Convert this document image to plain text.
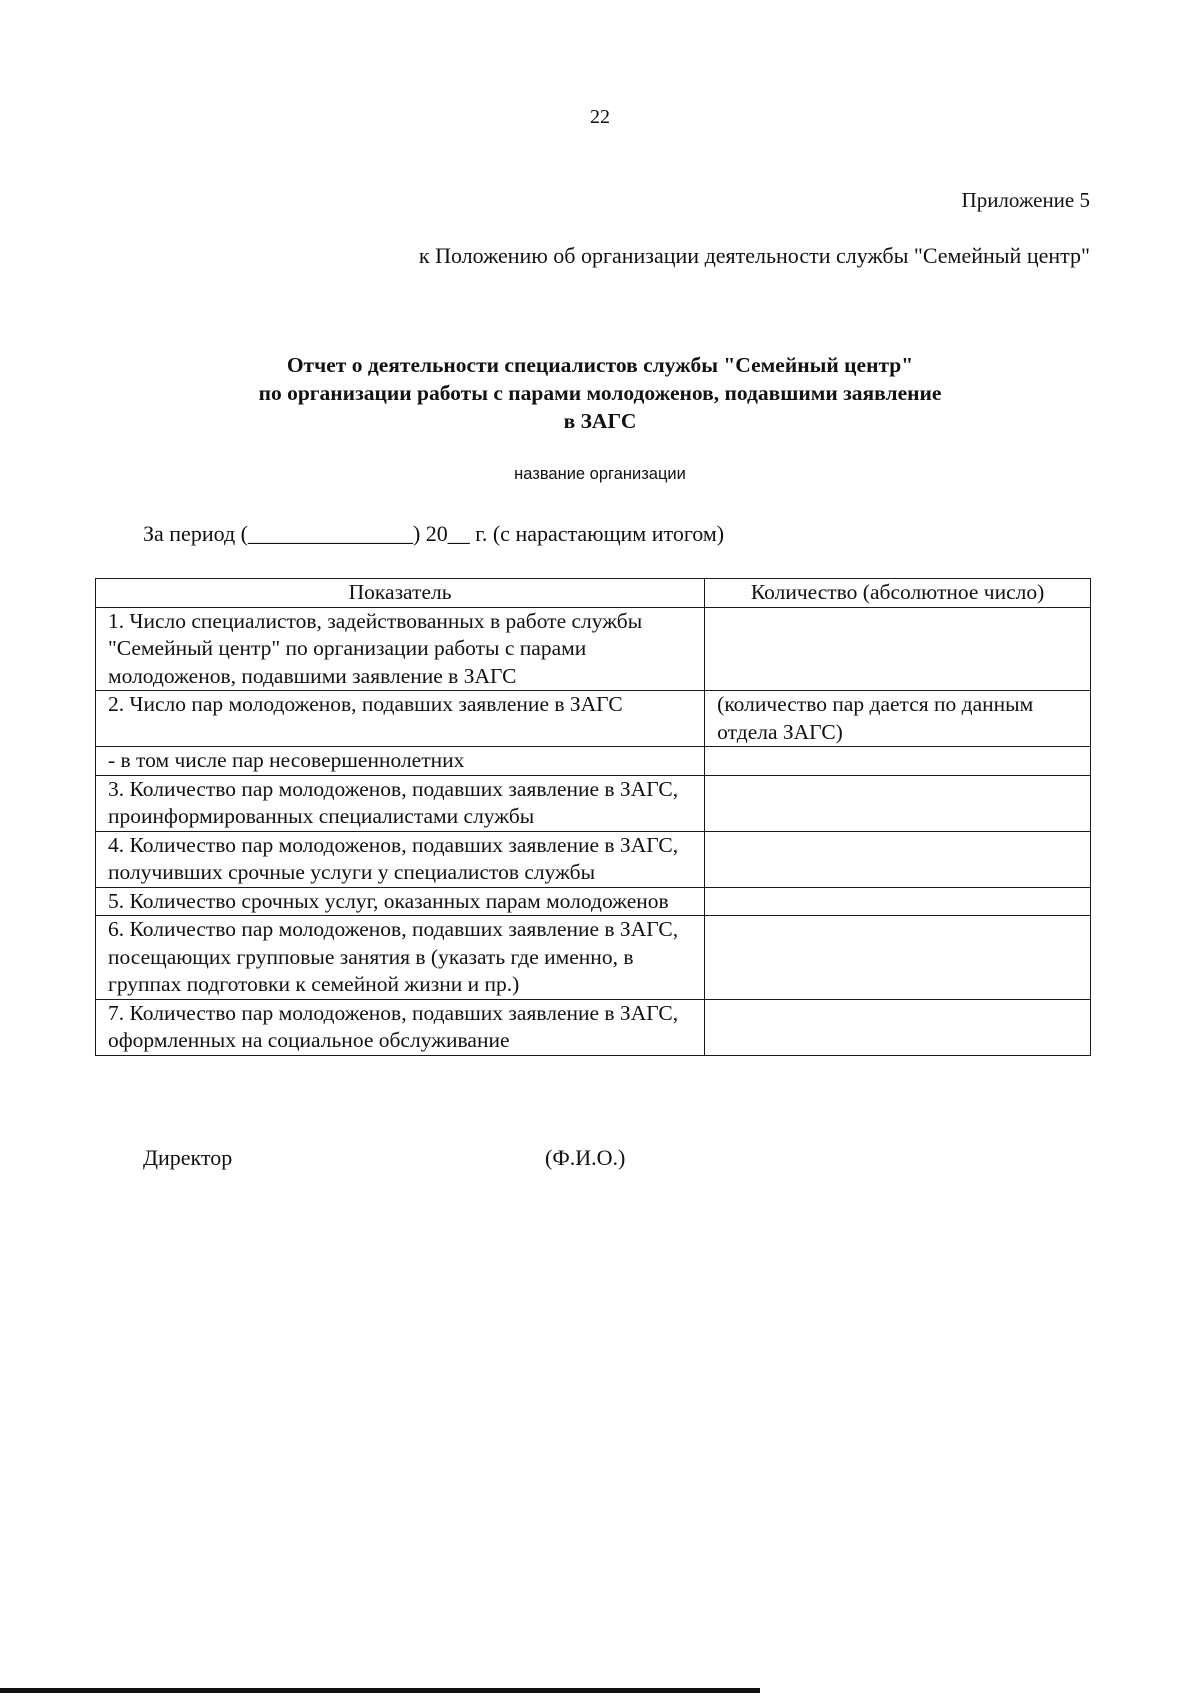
22
Приложение 5
к Положению об организации деятельности службы "Семейный центр"
Отчет о деятельности специалистов службы "Семейный центр"
по организации работы с парами молодоженов, подавшими заявление
в ЗАГС
название организации
За период (_______________) 20__ г. (с нарастающим итогом)
Показатель	Количество (абсолютное число)
1. Число специалистов, задействованных в работе службы "Семейный центр" по организации работы с парами молодоженов, подавшими заявление в ЗАГС	
2. Число пар молодоженов, подавших заявление в ЗАГС	(количество пар дается по данным отдела ЗАГС)
- в том числе пар несовершеннолетних	
3. Количество пар молодоженов, подавших заявление в ЗАГС, проинформированных специалистами службы	
4. Количество пар молодоженов, подавших заявление в ЗАГС, получивших срочные услуги у специалистов службы	
5. Количество срочных услуг, оказанных парам молодоженов	
6. Количество пар молодоженов, подавших заявление в ЗАГС, посещающих групповые занятия в (указать где именно, в группах подготовки к семейной жизни и пр.)	
7. Количество пар молодоженов, подавших заявление в ЗАГС, оформленных на социальное обслуживание	
Директор	(Ф.И.О.)
